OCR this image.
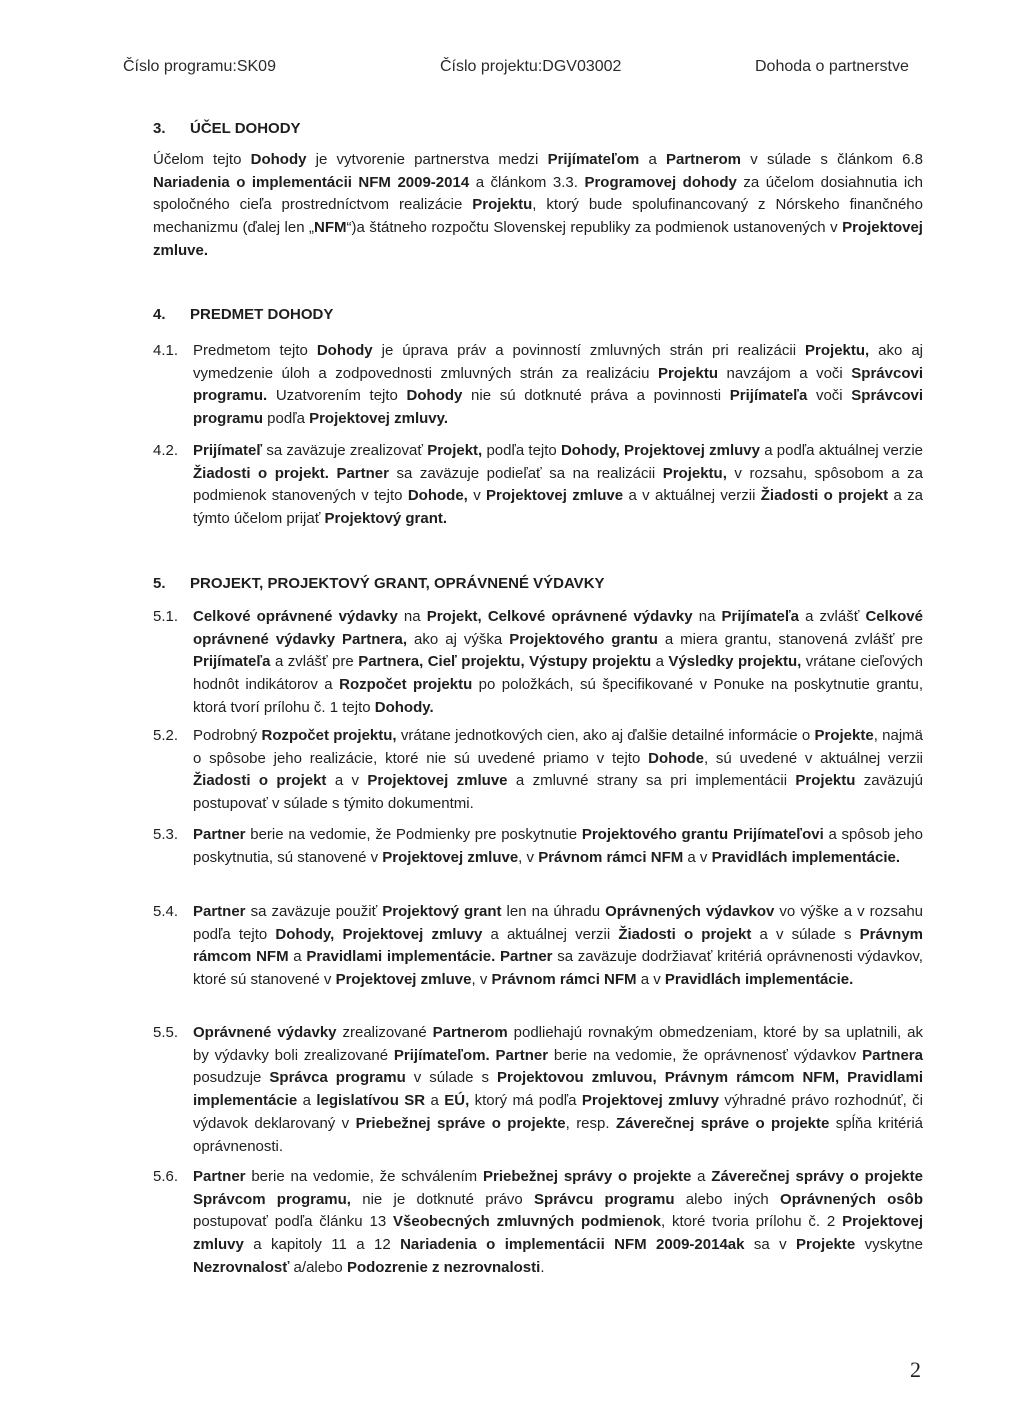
Číslo programu:SK09	Číslo projektu:DGV03002	Dohoda o partnerstve
3. ÚČEL DOHODY
Účelom tejto Dohody je vytvorenie partnerstva medzi Prijímateľom a Partnerom v súlade s článkom 6.8 Nariadenia o implementácii NFM 2009-2014 a článkom 3.3. Programovej dohody za účelom dosiahnutia ich spoločného cieľa prostredníctvom realizácie Projektu, ktorý bude spolufinancovaný z Nórskeho finančného mechanizmu (ďalej len „NFM“)a štátneho rozpočtu Slovenskej republiky za podmienok ustanovených v Projektovej zmluve.
4. PREDMET DOHODY
4.1. Predmetom tejto Dohody je úprava práv a povinností zmluvných strán pri realizácii Projektu, ako aj vymedzenie úloh a zodpovednosti zmluvných strán za realizáciu Projektu navzájom a voči Správcovi programu. Uzatvorením tejto Dohody nie sú dotknuté práva a povinnosti Prijímateľa voči Správcovi programu podľa Projektovej zmluvy.
4.2. Prijímateľ sa zaväzuje zrealizovať Projekt, podľa tejto Dohody, Projektovej zmluvy a podľa aktuálnej verzie Žiadosti o projekt. Partner sa zaväzuje podieľať sa na realizácii Projektu, v rozsahu, spôsobom a za podmienok stanovených v tejto Dohode, v Projektovej zmluve a v aktuálnej verzii Žiadosti o projekt a za týmto účelom prijať Projektový grant.
5. PROJEKT, PROJEKTOVÝ GRANT, OPRÁVNENÉ VÝDAVKY
5.1. Celkové oprávnené výdavky na Projekt, Celkové oprávnené výdavky na Prijímateľa a zvlášť Celkové oprávnené výdavky Partnera, ako aj výška Projektového grantu a miera grantu, stanovená zvlášť pre Prijímateľa a zvlášť pre Partnera, Cieľ projektu, Výstupy projektu a Výsledky projektu, vrátane cieľových hodnôt indikátorov a Rozpočet projektu po položkách, sú špecifikované v Ponuke na poskytnutie grantu, ktorá tvorí prílohu č. 1 tejto Dohody.
5.2. Podrobný Rozpočet projektu, vrátane jednotkových cien, ako aj ďalšie detailné informácie o Projekte, najmä o spôsobe jeho realizácie, ktoré nie sú uvedené priamo v tejto Dohode, sú uvedené v aktuálnej verzii Žiadosti o projekt a v Projektovej zmluve a zmluvné strany sa pri implementácii Projektu zaväzujú postupovať v súlade s týmito dokumentmi.
5.3. Partner berie na vedomie, že Podmienky pre poskytnutie Projektového grantu Prijímateľovi a spôsob jeho poskytnutia, sú stanovené v Projektovej zmluve, v Právnom rámci NFM a v Pravidlách implementácie.
5.4. Partner sa zaväzuje použiť Projektový grant len na úhradu Oprávnených výdavkov vo výške a v rozsahu podľa tejto Dohody, Projektovej zmluvy a aktuálnej verzii Žiadosti o projekt a v súlade s Právnym rámcom NFM a Pravidlami implementácie. Partner sa zaväzuje dodržiavať kritériá oprávnenosti výdavkov, ktoré sú stanovené v Projektovej zmluve, v Právnom rámci NFM a v Pravidlách implementácie.
5.5. Oprávnené výdavky zrealizované Partnerom podliehajú rovnakým obmedzeniam, ktoré by sa uplatnili, ak by výdavky boli zrealizované Prijímateľom. Partner berie na vedomie, že oprávnenosť výdavkov Partnera posudzuje Správca programu v súlade s Projektovou zmluvou, Právnym rámcom NFM, Pravidlami implementácie a legislatívou SR a EÚ, ktorý má podľa Projektovej zmluvy výhradné právo rozhodnúť, či výdavok deklarovaný v Priebežnej správe o projekte, resp. Záverečnej správe o projekte spĺňa kritériá oprávnenosti.
5.6. Partner berie na vedomie, že schválením Priebežnej správy o projekte a Záverečnej správy o projekte Správcom programu, nie je dotknuté právo Správcu programu alebo iných Oprávnených osôb postupovať podľa článku 13 Všeobecných zmluvných podmienok, ktoré tvoria prílohu č. 2 Projektovej zmluvy a kapitoly 11 a 12 Nariadenia o implementácii NFM 2009-2014ak sa v Projekte vyskytne Nezrovnalosť a/alebo Podozrenie z nezrovnalosti.
2
